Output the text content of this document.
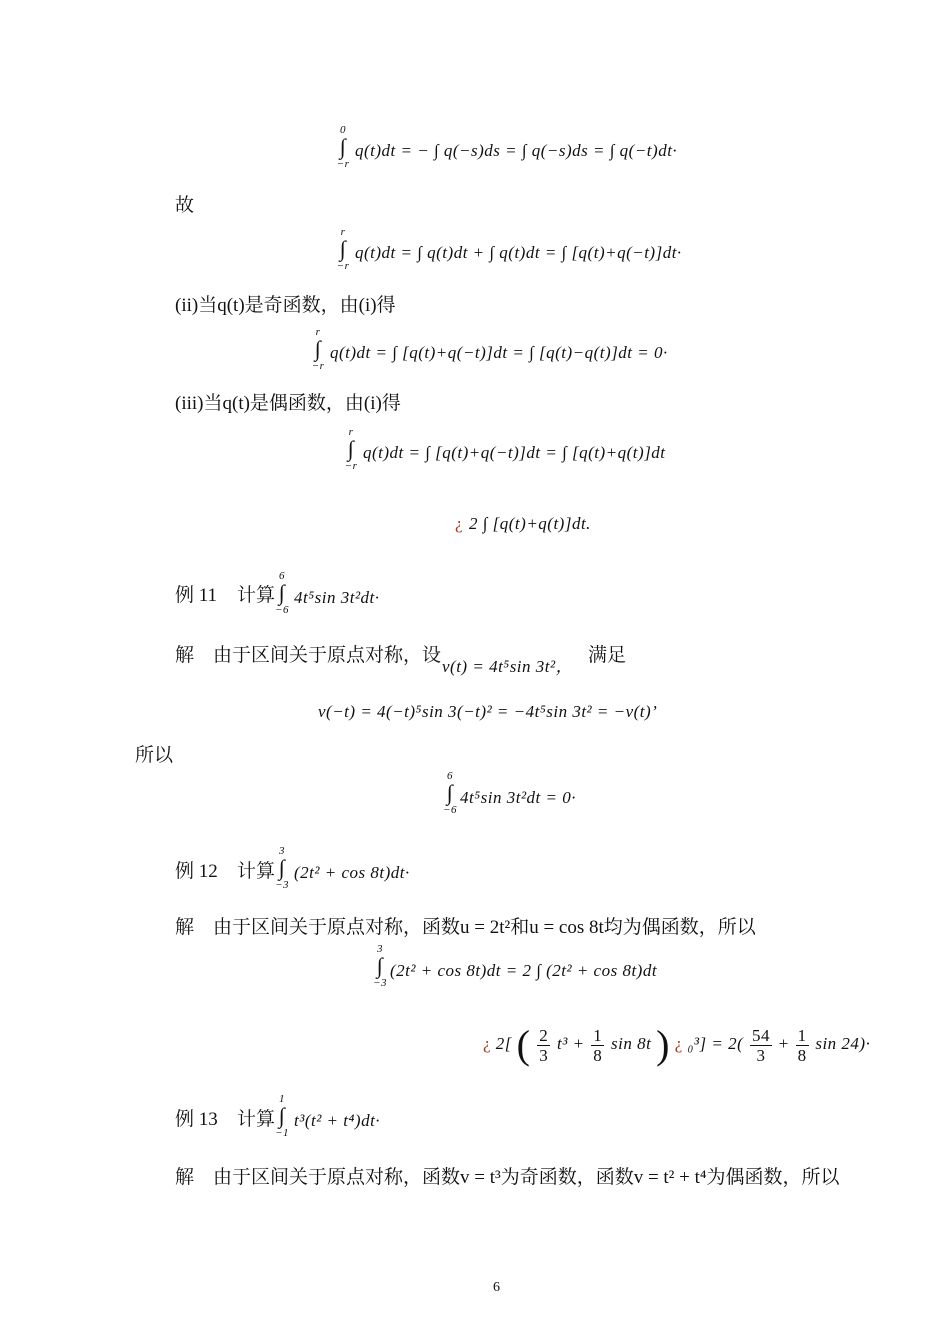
0
∫
−r
q(t)dt = − ∫ q(−s)ds = ∫ q(−s)ds = ∫ q(−t)dt·
故
r
∫
−r
q(t)dt = ∫ q(t)dt + ∫ q(t)dt = ∫ [q(t)+q(−t)]dt·
(ii)当q(t)是奇函数，由(i)得
r
∫
−r
q(t)dt = ∫ [q(t)+q(−t)]dt = ∫ [q(t)−q(t)]dt = 0·
(iii)当q(t)是偶函数，由(i)得
r
∫
−r
q(t)dt = ∫ [q(t)+q(−t)]dt = ∫ [q(t)+q(t)]dt
¿ 2 ∫ [q(t)+q(t)]dt.
例 11 计算
6
∫
−6
4t⁵sin 3t²dt·
解　由于区间关于原点对称，设
v(t) = 4t⁵sin 3t²，
满足
v(−t) = 4(−t)⁵sin 3(−t)² = −4t⁵sin 3t² = −v(t)’
所以
6
∫
−6
4t⁵sin 3t²dt = 0·
例 12 计算
3
∫
−3
(2t² + cos 8t)dt·
解　由于区间关于原点对称，函数u = 2t²和u = cos 8t均为偶函数，所以
3
∫
−3
(2t² + cos 8t)dt = 2 ∫ (2t² + cos 8t)dt
¿ 2[ ( $\frac{2}{3} t^3 + \frac{1}{8}$ sin 8t ) ¿ $_0^3] = 2( \frac{54}{3} + \frac{1}{8}$ sin 24)·
例 13 计算
1
∫
−1
t³(t² + t⁴)dt·
解　由于区间关于原点对称，函数v = t³为奇函数，函数v = t² + t⁴为偶函数，所以
6
